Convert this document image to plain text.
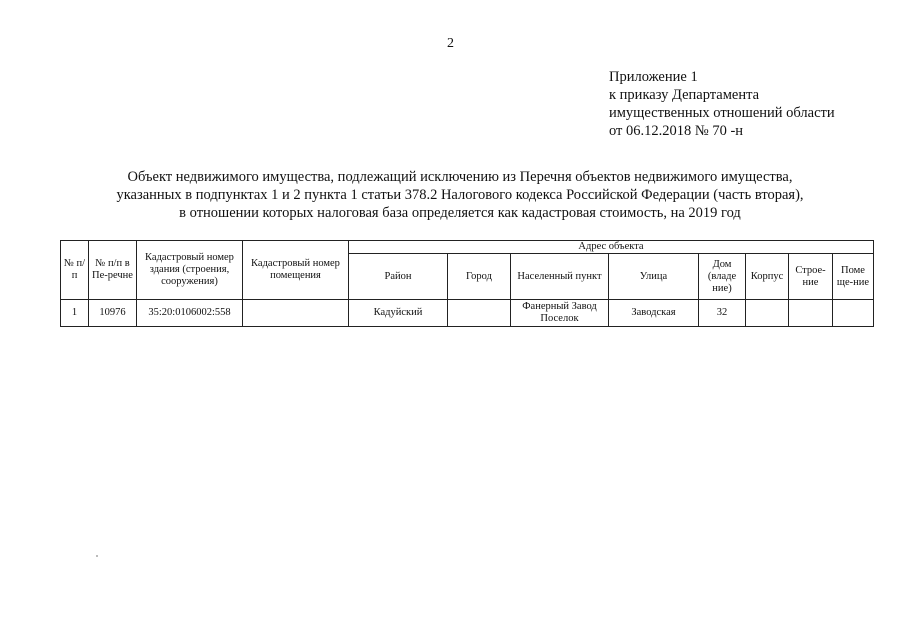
2
Приложение 1
к приказу Департамента
имущественных отношений области
от 06.12.2018 № 70 -н
Объект недвижимого имущества, подлежащий исключению из Перечня объектов недвижимого имущества,
указанных в подпунктах 1 и 2 пункта 1 статьи 378.2 Налогового кодекса Российской Федерации (часть вторая),
в отношении которых налоговая база определяется как кадастровая стоимость, на 2019 год
№ п/п	№ п/п в Пе-речне	Кадастровый номер здания (строения, сооружения)	Кадастровый номер помещения	Адрес объекта							
				Район	Город	Населенный пункт	Улица	Дом (владе ние)	Корпус	Строе-ние	Поме ще-ние
1	10976	35:20:0106002:558		Кадуйский		Фанерный Завод Поселок	Заводская	32			
